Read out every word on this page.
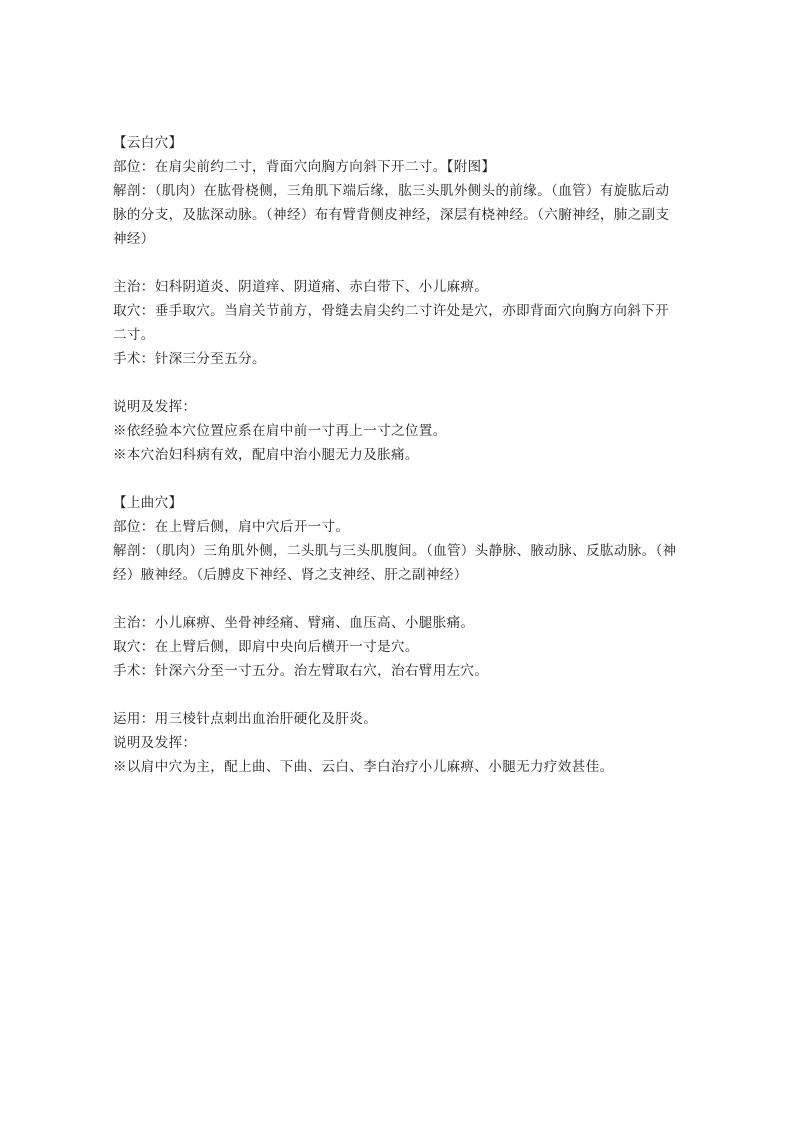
【云白穴】
部位：在肩尖前约二寸，背面穴向胸方向斜下开二寸。【附图】

解剖：（肌肉）在肱骨桡侧，三角肌下端后缘，肱三头肌外侧头的前缘。（血管）有旋肱后动脉的分支，及肱深动脉。（神经）布有臂背侧皮神经，深层有桡神经。（六腑神经，肺之副支神经）

主治：妇科阴道炎、阴道痒、阴道痛、赤白带下、小儿麻痹。

取穴：垂手取穴。当肩关节前方，骨缝去肩尖约二寸许处是穴，亦即背面穴向胸方向斜下开二寸。

手术：针深三分至五分。
说明及发挥：
※依经验本穴位置应系在肩中前一寸再上一寸之位置。
※本穴治妇科病有效，配肩中治小腿无力及胀痛。
【上曲穴】
部位：在上臂后侧，肩中穴后开一寸。

解剖：（肌肉）三角肌外侧，二头肌与三头肌腹间。（血管）头静脉、腋动脉、反肱动脉。（神经）腋神经。（后膊皮下神经、肾之支神经、肝之副神经）

主治：小儿麻痹、坐骨神经痛、臂痛、血压高、小腿胀痛。
取穴：在上臂后侧，即肩中央向后横开一寸是穴。
手术：针深六分至一寸五分。治左臂取右穴，治右臂用左穴。
运用：用三棱针点刺出血治肝硬化及肝炎。
说明及发挥：
※以肩中穴为主，配上曲、下曲、云白、李白治疗小儿麻痹、小腿无力疗效甚佳。
